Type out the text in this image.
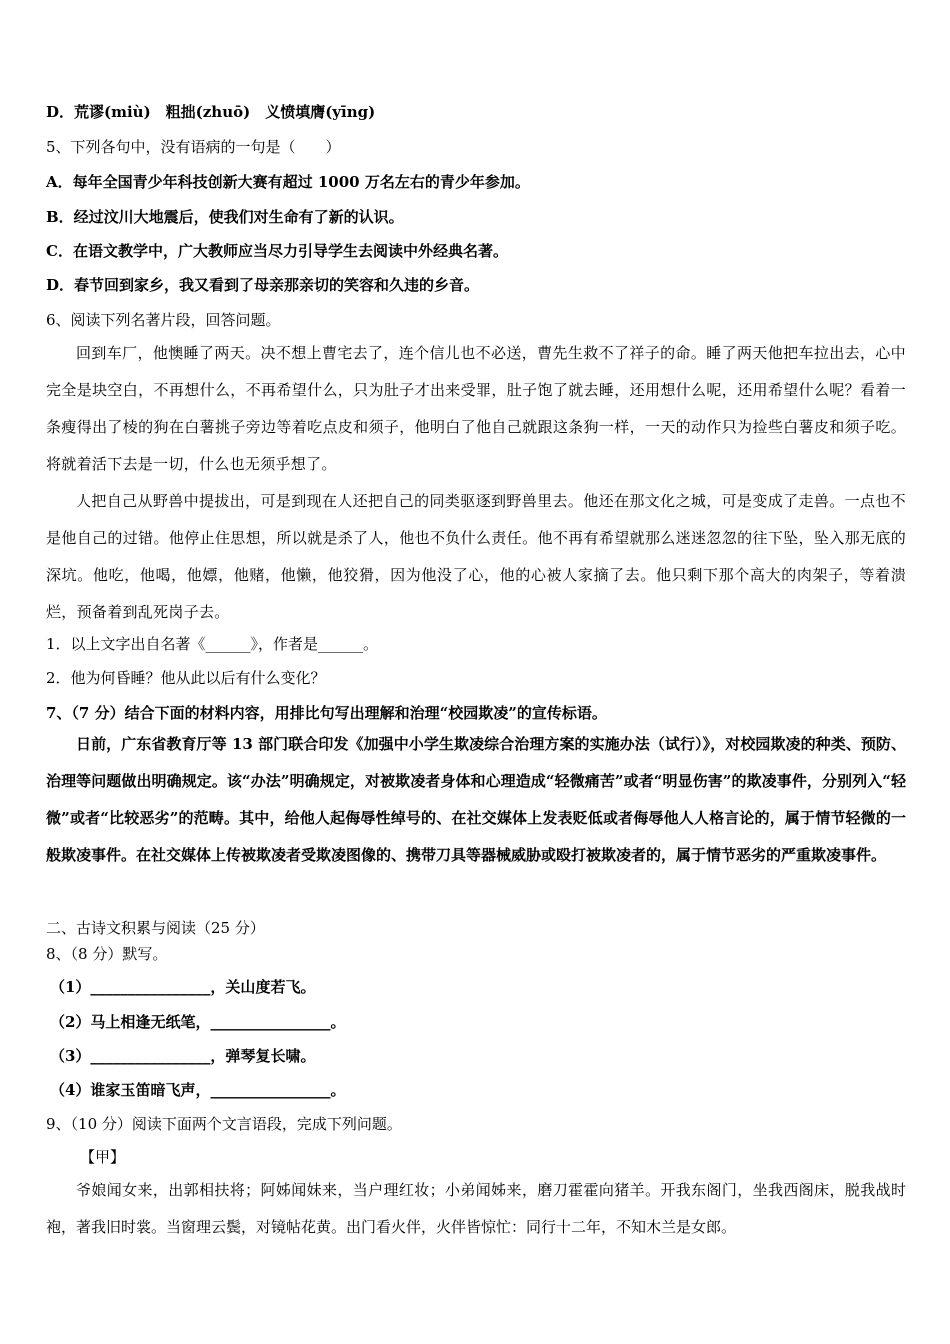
D．荒谬(miù)　粗拙(zhuō)　义愤填膺(yīng)
5、下列各句中，没有语病的一句是（　　）
A．每年全国青少年科技创新大赛有超过 1000 万名左右的青少年参加。
B．经过汶川大地震后，使我们对生命有了新的认识。
C．在语文教学中，广大教师应当尽力引导学生去阅读中外经典名著。
D．春节回到家乡，我又看到了母亲那亲切的笑容和久违的乡音。
6、阅读下列名著片段，回答问题。

回到车厂，他懊睡了两天。决不想上曹宅去了，连个信儿也不必送，曹先生救不了祥子的命。睡了两天他把车拉出去，心中完全是块空白，不再想什么，不再希望什么，只为肚子才出来受罪，肚子饱了就去睡，还用想什么呢，还用希望什么呢？看着一条瘦得出了棱的狗在白薯挑子旁边等着吃点皮和须子，他明白了他自己就跟这条狗一样，一天的动作只为捡些白薯皮和须子吃。将就着活下去是一切，什么也无须乎想了。

人把自己从野兽中提拔出，可是到现在人还把自己的同类驱逐到野兽里去。他还在那文化之城，可是变成了走兽。一点也不是他自己的过错。他停止住思想，所以就是杀了人，他也不负什么责任。他不再有希望就那么迷迷忽忽的往下坠，坠入那无底的深坑。他吃，他喝，他嫖，他赌，他懒，他狡猾，因为他没了心，他的心被人家摘了去。他只剩下那个高大的肉架子，等着溃烂，预备着到乱死岗子去。

1．以上文字出自名著《______》，作者是______。
2．他为何昏睡？他从此以后有什么变化？
7、（7 分）结合下面的材料内容，用排比句写出理解和治理“校园欺凌”的宣传标语。

日前，广东省教育厅等 13 部门联合印发《加强中小学生欺凌综合治理方案的实施办法（试行）》，对校园欺凌的种类、预防、治理等问题做出明确规定。该“办法”明确规定，对被欺凌者身体和心理造成“轻微痛苦”或者“明显伤害”的欺凌事件，分别列入“轻微”或者“比较恶劣”的范畴。其中，给他人起侮辱性绰号的、在社交媒体上发表贬低或者侮辱他人人格言论的，属于情节轻微的一般欺凌事件。在社交媒体上传被欺凌者受欺凌图像的、携带刀具等器械威胁或殴打被欺凌者的，属于情节恶劣的严重欺凌事件。

二、古诗文积累与阅读（25 分）
8、（8 分）默写。
（1）________________，关山度若飞。
（2）马上相逢无纸笔，________________。
（3）________________，弹琴复长啸。
（4）谁家玉笛暗飞声，________________。
9、（10 分）阅读下面两个文言语段，完成下列问题。
【甲】

爷娘闻女来，出郭相扶将；阿姊闻妹来，当户理红妆；小弟闻姊来，磨刀霍霍向猪羊。开我东阁门，坐我西阁床，脱我战时袍，著我旧时裳。当窗理云鬓，对镜帖花黄。出门看火伴，火伴皆惊忙：同行十二年，不知木兰是女郎。
